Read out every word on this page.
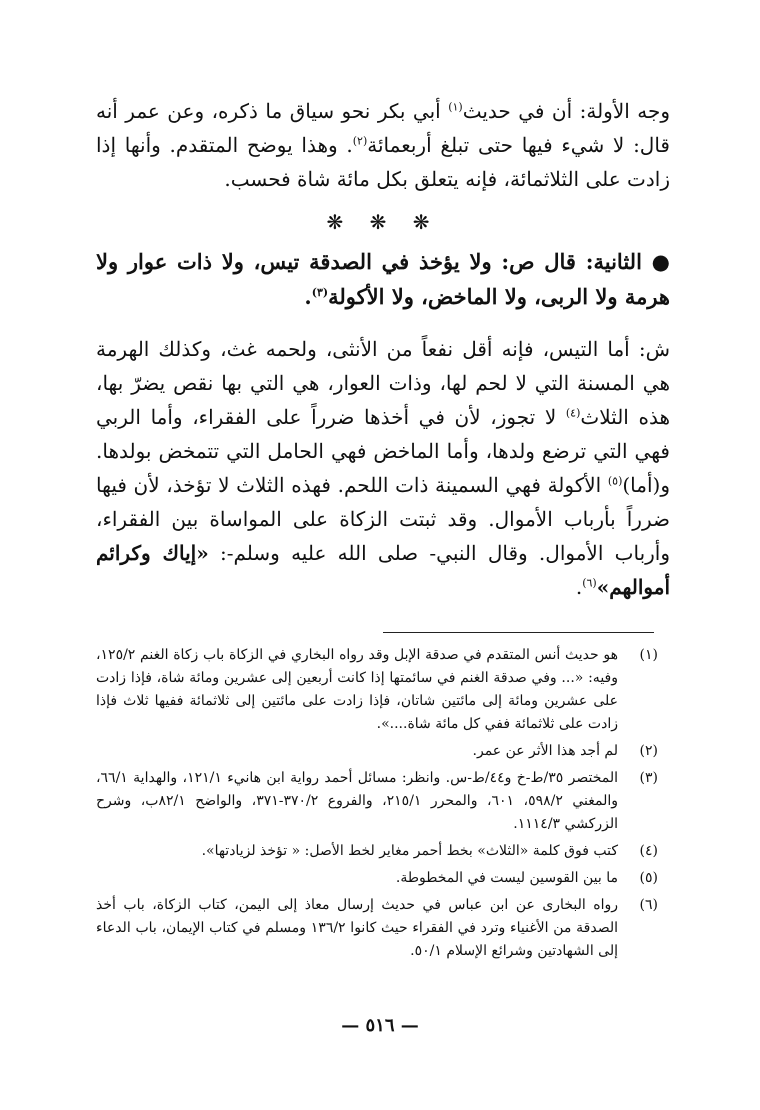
وجه الأولة: أن في حديث$^{(١)}$ أبي بكر نحو سياق ما ذكره، وعن عمر أنه قال: لا شيء فيها حتى تبلغ أربعمائة$^{(٢)}$. وهذا يوضح المتقدم. وأنها إذا زادت على الثلاثمائة، فإنه يتعلق بكل مائة شاة فحسب.

❋ ❋ ❋

● الثانية: قال ص: ولا يؤخذ في الصدقة تيس، ولا ذات عوار ولا هرمة ولا الربى، ولا الماخض، ولا الأكولة$^{(٣)}$.

ش: أما التيس، فإنه أقل نفعاً من الأنثى، ولحمه غث، وكذلك الهرمة هي المسنة التي لا لحم لها، وذات العوار، هي التي بها نقص يضرّ بها، هذه الثلاث$^{(٤)}$ لا تجوز، لأن في أخذها ضرراً على الفقراء، وأما الربي فهي التي ترضع ولدها، وأما الماخض فهي الحامل التي تتمخض بولدها. و(أما)$^{(٥)}$ الأكولة فهي السمينة ذات اللحم. فهذه الثلاث لا تؤخذ، لأن فيها ضرراً بأرباب الأموال. وقد ثبتت الزكاة على المواساة بين الفقراء، وأرباب الأموال. وقال النبي- صلى الله عليه وسلم-: «إياك وكرائم أموالهم»$^{(٦)}$.

(١)
هو حديث أنس المتقدم في صدقة الإبل وقد رواه البخاري في الزكاة باب زكاة الغنم ١٢٥/٢، وفيه: «... وفي صدقة الغنم في سائمتها إذا كانت أربعين إلى عشرين ومائة شاة، فإذا زادت على عشرين ومائة إلى مائتين شاتان، فإذا زادت على مائتين إلى ثلاثمائة ففيها ثلاث فإذا زادت على ثلاثمائة ففي كل مائة شاة....».
(٢)
لم أجد هذا الأثر عن عمر.
(٣)
المختصر ٣٥/ط-خ و٤٤/ط-س. وانظر: مسائل أحمد رواية ابن هانيء ١٢١/١، والهداية ٦٦/١، والمغني ٥٩٨/٢، ٦٠١، والمحرر ٢١٥/١، والفروع ٣٧٠/٢-٣٧١، والواضح ٨٢/١ب، وشرح الزركشي ١١١٤/٣.
(٤)
كتب فوق كلمة «الثلاث» بخط أحمر مغاير لخط الأصل: « تؤخذ لزيادتها».
(٥)
ما بين القوسين ليست في المخطوطة.
(٦)
رواه البخارى عن ابن عباس في حديث إرسال معاذ إلى اليمن، كتاب الزكاة، باب أخذ الصدقة من الأغنياء وترد في الفقراء حيث كانوا ١٣٦/٢ ومسلم في كتاب الإيمان، باب الدعاء إلى الشهادتين وشرائع الإسلام ٥٠/١.
— ٥١٦ —
